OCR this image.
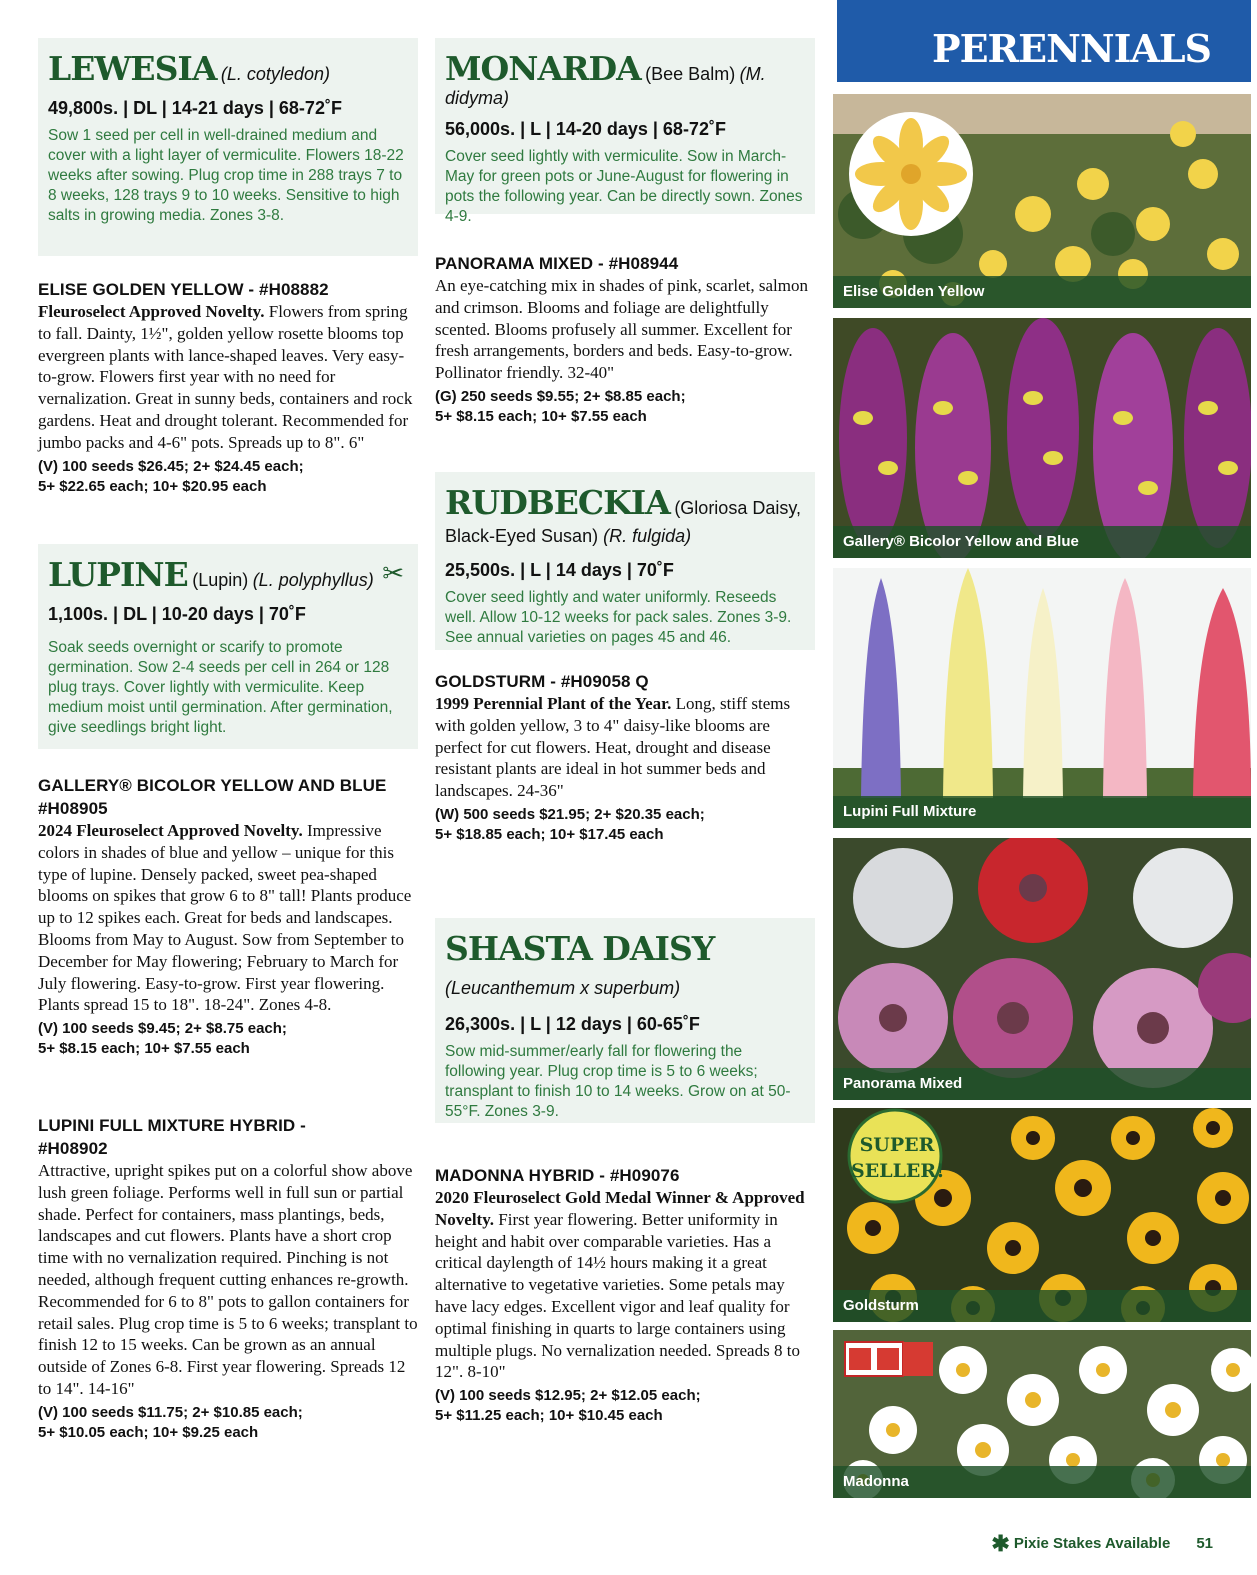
LEWESIA (L. cotyledon)
49,800s. | DL | 14-21 days | 68-72˚F
Sow 1 seed per cell in well-drained medium and cover with a light layer of vermiculite. Flowers 18-22 weeks after sowing. Plug crop time in 288 trays 7 to 8 weeks, 128 trays 9 to 10 weeks. Sensitive to high salts in growing media. Zones 3-8.
ELISE GOLDEN YELLOW - #H08882
Fleuroselect Approved Novelty. Flowers from spring to fall. Dainty, 1½", golden yellow rosette blooms top evergreen plants with lance-shaped leaves. Very easy-to-grow. Flowers first year with no need for vernalization. Great in sunny beds, containers and rock gardens. Heat and drought tolerant. Recommended for jumbo packs and 4-6" pots. Spreads up to 8". 6"
(V) 100 seeds $26.45; 2+ $24.45 each;
5+ $22.65 each; 10+ $20.95 each
LUPINE (Lupin) (L. polyphyllus) ✂
1,100s. | DL | 10-20 days | 70˚F
Soak seeds overnight or scarify to promote germination. Sow 2-4 seeds per cell in 264 or 128 plug trays. Cover lightly with vermiculite. Keep medium moist until germination. After germination, give seedlings bright light.
GALLERY® BICOLOR YELLOW AND BLUE #H08905
2024 Fleuroselect Approved Novelty. Impressive colors in shades of blue and yellow – unique for this type of lupine. Densely packed, sweet pea-shaped blooms on spikes that grow 6 to 8" tall! Plants produce up to 12 spikes each. Great for beds and landscapes. Blooms from May to August. Sow from September to December for May flowering; February to March for July flowering. Easy-to-grow. First year flowering. Plants spread 15 to 18". 18-24". Zones 4-8.
(V) 100 seeds $9.45; 2+ $8.75 each;
5+ $8.15 each; 10+ $7.55 each
LUPINI FULL MIXTURE HYBRID - #H08902
Attractive, upright spikes put on a colorful show above lush green foliage. Performs well in full sun or partial shade. Perfect for containers, mass plantings, beds, landscapes and cut flowers. Plants have a short crop time with no vernalization required. Pinching is not needed, although frequent cutting enhances re-growth. Recommended for 6 to 8" pots to gallon containers for retail sales. Plug crop time is 5 to 6 weeks; transplant to finish 12 to 15 weeks. Can be grown as an annual outside of Zones 6-8. First year flowering. Spreads 12 to 14". 14-16"
(V) 100 seeds $11.75; 2+ $10.85 each;
5+ $10.05 each; 10+ $9.25 each
MONARDA (Bee Balm) (M. didyma)
56,000s. | L | 14-20 days | 68-72˚F
Cover seed lightly with vermiculite. Sow in March-May for green pots or June-August for flowering in pots the following year. Can be directly sown. Zones 4-9.
PANORAMA MIXED - #H08944
An eye-catching mix in shades of pink, scarlet, salmon and crimson. Blooms and foliage are delightfully scented. Blooms profusely all summer. Excellent for fresh arrangements, borders and beds. Easy-to-grow. Pollinator friendly. 32-40"
(G) 250 seeds $9.55; 2+ $8.85 each;
5+ $8.15 each; 10+ $7.55 each
RUDBECKIA (Gloriosa Daisy,
Black-Eyed Susan) (R. fulgida)
25,500s. | L | 14 days | 70˚F
Cover seed lightly and water uniformly. Reseeds well. Allow 10-12 weeks for pack sales. Zones 3-9. See annual varieties on pages 45 and 46.
GOLDSTURM - #H09058 Q
1999 Perennial Plant of the Year. Long, stiff stems with golden yellow, 3 to 4" daisy-like blooms are perfect for cut flowers. Heat, drought and disease resistant plants are ideal in hot summer beds and landscapes. 24-36"
(W) 500 seeds $21.95; 2+ $20.35 each;
5+ $18.85 each; 10+ $17.45 each
SHASTA DAISY
(Leucanthemum x superbum)
26,300s. | L | 12 days | 60-65˚F
Sow mid-summer/early fall for flowering the following year. Plug crop time is 5 to 6 weeks; transplant to finish 10 to 14 weeks. Grow on at 50-55°F. Zones 3-9.
MADONNA HYBRID - #H09076
2020 Fleuroselect Gold Medal Winner & Approved Novelty. First year flowering. Better uniformity in height and habit over comparable varieties. Has a critical daylength of 14½ hours making it a great alternative to vegetative varieties. Some petals may have lacy edges. Excellent vigor and leaf quality for optimal finishing in quarts to large containers using multiple plugs. No vernalization needed. Spreads 8 to 12". 8-10"
(V) 100 seeds $12.95; 2+ $12.05 each;
5+ $11.25 each; 10+ $10.45 each
PERENNIALS
Elise Golden Yellow
Gallery® Bicolor Yellow and Blue
Lupini Full Mixture
Panorama Mixed
SUPER
SELLER!
Goldsturm
Madonna
✱ Pixie Stakes Available 51
